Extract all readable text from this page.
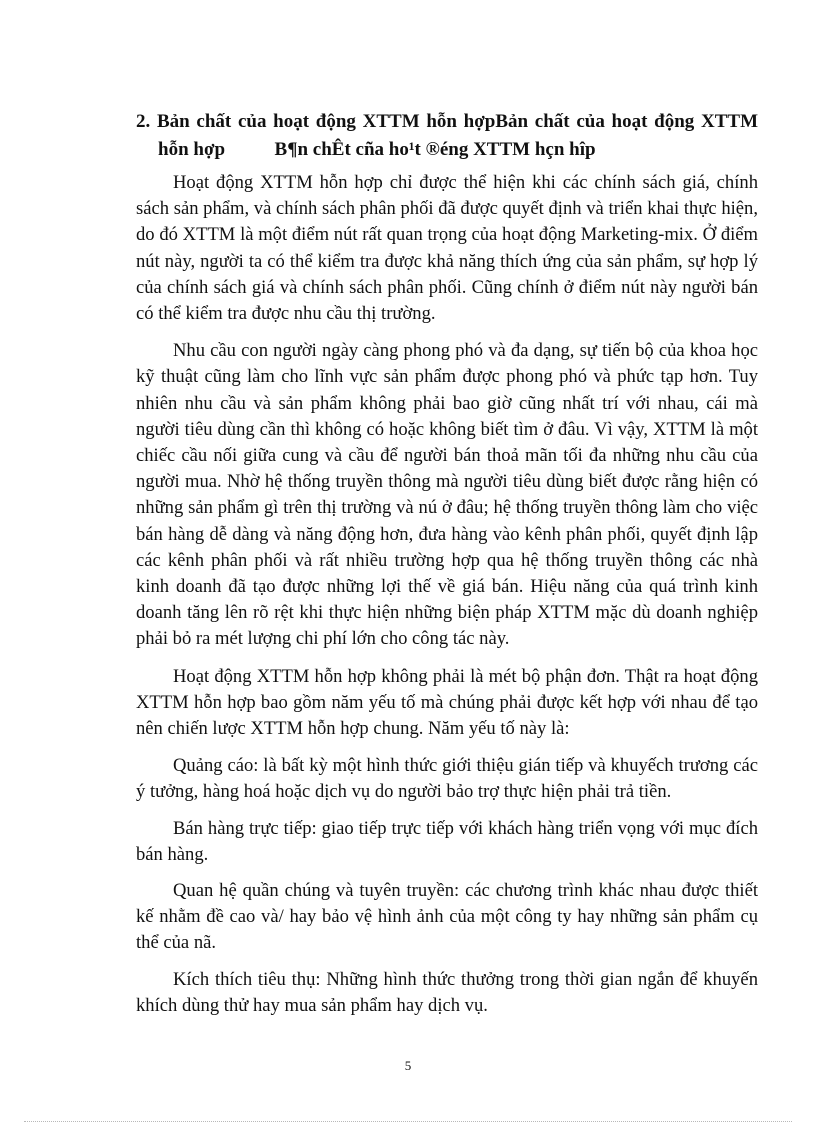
2. Bản chất của hoạt động XTTM hỗn hợpBản chất của hoạt động XTTM hỗn hợp	B¶n chÊt cña ho¹t ®éng XTTM hçn hîp

Hoạt động XTTM hỗn hợp chỉ được thể hiện khi các chính sách giá, chính sách sản phẩm, và chính sách phân phối đã được quyết định và triển khai thực hiện, do đó XTTM là một điểm nút rất quan trọng của hoạt động Marketing-mix. Ở điểm nút này, người ta có thể kiểm tra được khả năng thích ứng của sản phẩm, sự hợp lý của chính sách giá và chính sách phân phối. Cũng chính ở điểm nút này người bán có thể kiểm tra được nhu cầu thị trường.

Nhu cầu con người ngày càng phong phó và đa dạng, sự tiến bộ của khoa học kỹ thuật cũng làm cho lĩnh vực sản phẩm được phong phó và phức tạp hơn. Tuy nhiên nhu cầu và sản phẩm không phải bao giờ cũng nhất trí với nhau, cái mà người tiêu dùng cần thì không có hoặc không biết tìm ở đâu. Vì vậy, XTTM là một chiếc cầu nối giữa cung và cầu để người bán thoả mãn tối đa những nhu cầu của người mua. Nhờ hệ thống truyền thông mà người tiêu dùng biết được rằng hiện có những sản phẩm gì trên thị trường và nú ở đâu; hệ thống truyền thông làm cho việc bán hàng dễ dàng và năng động hơn, đưa hàng vào kênh phân phối, quyết định lập các kênh phân phối và rất nhiều trường hợp qua hệ thống truyền thông các nhà kinh doanh đã tạo được những lợi thế về giá bán. Hiệu năng của quá trình kinh doanh tăng lên rõ rệt khi thực hiện những biện pháp XTTM mặc dù doanh nghiệp phải bỏ ra mét lượng chi phí lớn cho công tác này.

Hoạt động XTTM hỗn hợp không phải là mét bộ phận đơn. Thật ra hoạt động XTTM hỗn hợp bao gồm năm yếu tố mà chúng phải được kết hợp với nhau để tạo nên chiến lược XTTM hỗn hợp chung. Năm yếu tố này là:

Quảng cáo: là bất kỳ một hình thức giới thiệu gián tiếp và khuyếch trương các ý tưởng, hàng hoá hoặc dịch vụ do người bảo trợ thực hiện phải trả tiền.

Bán hàng trực tiếp: giao tiếp trực tiếp với khách hàng triển vọng với mục đích bán hàng.

Quan hệ quần chúng và tuyên truyền: các chương trình khác nhau được thiết kế nhằm đề cao và/ hay bảo vệ hình ảnh của một công ty hay những sản phẩm cụ thể của nã.

Kích thích tiêu thụ: Những hình thức thưởng trong thời gian ngắn để khuyến khích dùng thử hay mua sản phẩm hay dịch vụ.

5
